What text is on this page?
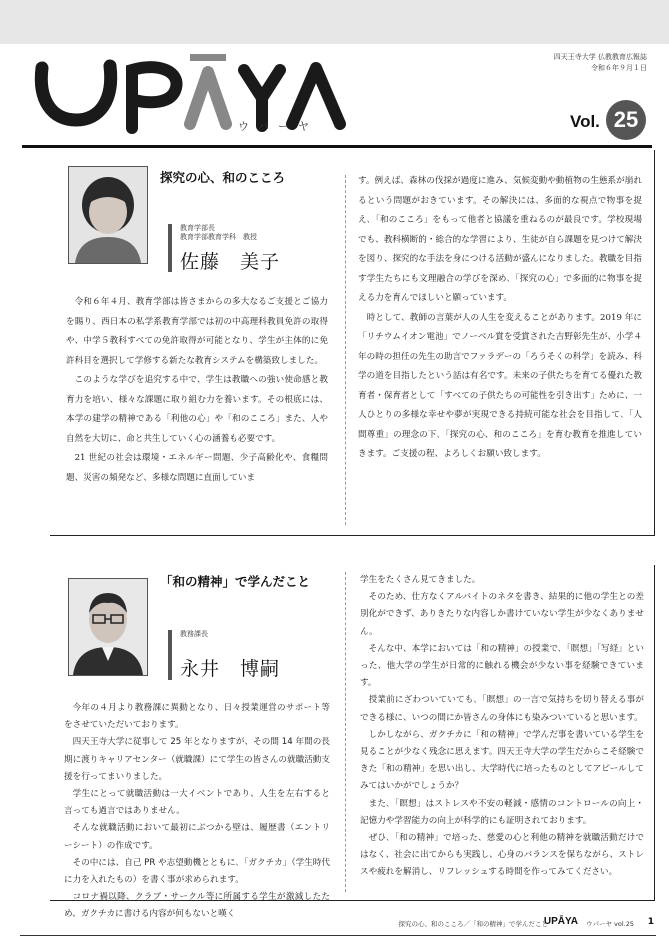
ウパーヤ
四天王寺大学 仏教教育広報誌
令和６年９月１日
Vol. 25
探究の心、和のこころ
教育学部長
教育学部教育学科　教授
佐藤　美子

令和６年４月、教育学部は皆さまからの多大なるご支援とご協力を賜り、西日本の私学系教育学部では初の中高理科教員免許の取得や、中学５教科すべての免許取得が可能となり、学生が主体的に免許科目を選択して学修する新たな教育システムを構築致しました。

このような学びを追究する中で、学生は教職への強い使命感と教育力を培い、様々な課題に取り組む力を養います。その根底には、本学の建学の精神である「利他の心」や「和のこころ」また、人や自然を大切に、命と共生していく心の涵養も必要です。

21 世紀の社会は環境・エネルギー問題、少子高齢化や、食糧問題、災害の頻発など、多様な問題に直面していま

す。例えば、森林の伐採が過度に進み、気候変動や動植物の生態系が崩れるという問題がおきています。その解決には、多面的な視点で物事を捉え､「和のこころ」をもって他者と協議を重ねるのが最良です。学校現場でも、教科横断的・総合的な学習により、生徒が自ら課題を見つけて解決を図り、探究的な手法を身につける活動が盛んになりました。教職を目指す学生たちにも文理融合の学びを深め､「探究の心」で多面的に物事を捉える力を育んでほしいと願っています。

時として、教師の言葉が人の人生を変えることがあります。2019 年に「リチウムイオン電池」でノーベル賞を受賞された吉野彰先生が、小学４年の時の担任の先生の助言でファラデーの「ろうそくの科学」を読み、科学の道を目指したという話は有名です。未来の子供たちを育てる優れた教育者・保育者として「すべての子供たちの可能性を引き出す」ために、一人ひとりの多様な幸せや夢が実現できる持続可能な社会を目指して､「人間尊重」の理念の下､「探究の心、和のこころ」を育む教育を推進していきます。ご支援の程、よろしくお願い致します。

「和の精神」で学んだこと
教務課長
永井　博嗣

今年の４月より教務課に異動となり、日々授業運営のサポート等をさせていただいております。

四天王寺大学に従事して 25 年となりますが、その間 14 年間の長期に渡りキャリアセンター（就職課）にて学生の皆さんの就職活動支援を行ってまいりました。

学生にとって就職活動は一大イベントであり、人生を左右すると言っても過言ではありません。

そんな就職活動において最初にぶつかる壁は、履歴書（エントリーシート）の作成です。

その中には、自己 PR や志望動機とともに､「ガクチカ」（学生時代に力を入れたもの）を書く事が求められます。

コロナ禍以降、クラブ・サークル等に所属する学生が激減したため、ガクチカに書ける内容が何もないと嘆く

学生をたくさん見てきました。

そのため、仕方なくアルバイトのネタを書き、結果的に他の学生との差別化ができず、ありきたりな内容しか書けていない学生が少なくありません。

そんな中、本学においては「和の精神」の授業で､「瞑想」「写経」といった、他大学の学生が日常的に触れる機会が少ない事を経験できています。

授業前にざわついていても､「瞑想」の一言で気持ちを切り替える事ができる様に、いつの間にか皆さんの身体にも染みついていると思います。

しかしながら、ガクチカに「和の精神」で学んだ事を書いている学生を見ることが少なく残念に思えます。四天王寺大学の学生だからこそ経験できた「和の精神」を思い出し、大学時代に培ったものとしてアピールしてみてはいかがでしょうか？

また､「瞑想」はストレスや不安の軽減・感情のコントロールの向上・記憶力や学習能力の向上が科学的にも証明されております。

ぜひ､「和の精神」で培った、慈愛の心と利他の精神を就職活動だけではなく、社会に出てからも実践し、心身のバランスを保ちながら、ストレスや疲れを解消し、リフレッシュする時間を作ってみてください。

探究の心、和のこころ／「和の精神」で学んだこと
UPĀYA ウパーヤ vol.25 1
